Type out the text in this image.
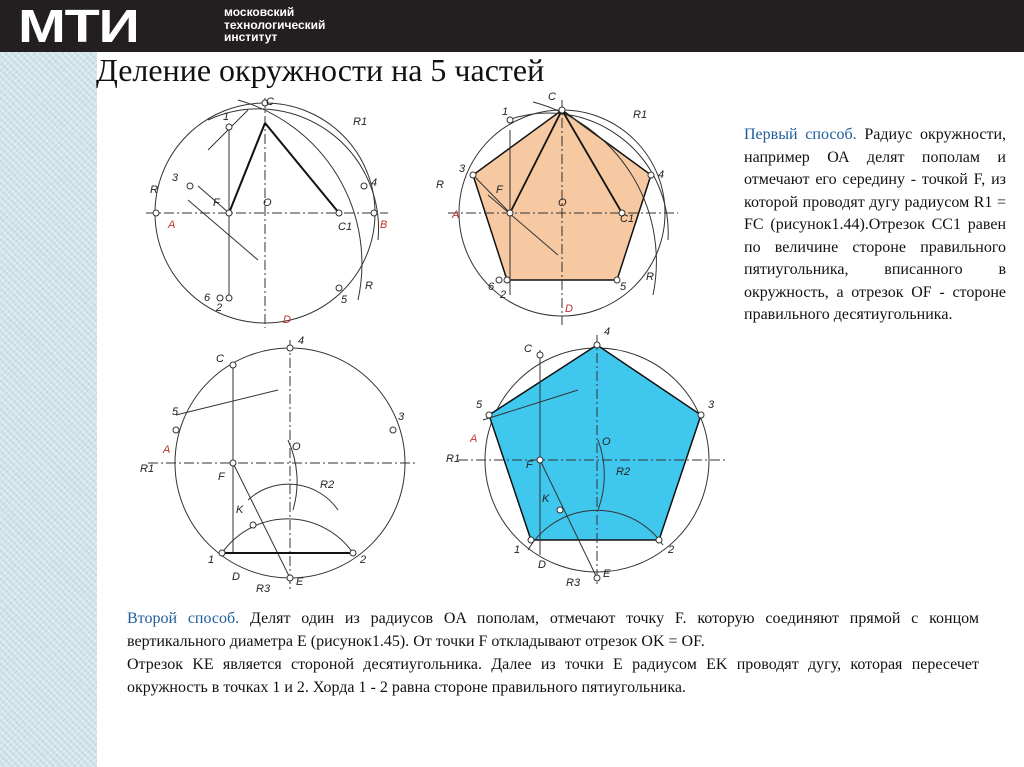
МТИ	московский
технологический
институт
Деление окружности на 5 частей
C
R1
1
3	4
R
A
F	O
B
C1
6
2
5
R
D
C
R1
1
3	4
R
A
F
O
C1
6
2
5
R
D
C
4
5	3
A
R1
O
F
R2
K
1	2
D	E
R3
C
4
5	3
A
R1
O
F
R2
K
1	2
D
E
R3
Первый способ. Радиус окружности, например ОА делят пополам и отмечают его середину - точкой F, из которой проводят дугу радиусом R1 = FC (рисунок1.44).Отрезок CC1 равен по величине стороне правильного пятиугольника, вписанного в окружность, а отрезок OF - стороне правильного десятиугольника.
Второй способ. Делят один из радиусов OA пополам, отмечают точку F. которую соединяют прямой с концом вертикального диаметра E (рисунок1.45). От точки F откладывают отрезок OK = OF.
Отрезок KE является стороной десятиугольника. Далее из точки E радиусом EK проводят дугу, которая пересечет окружность в точках 1 и 2. Хорда 1 - 2 равна стороне правильного пятиугольника.
